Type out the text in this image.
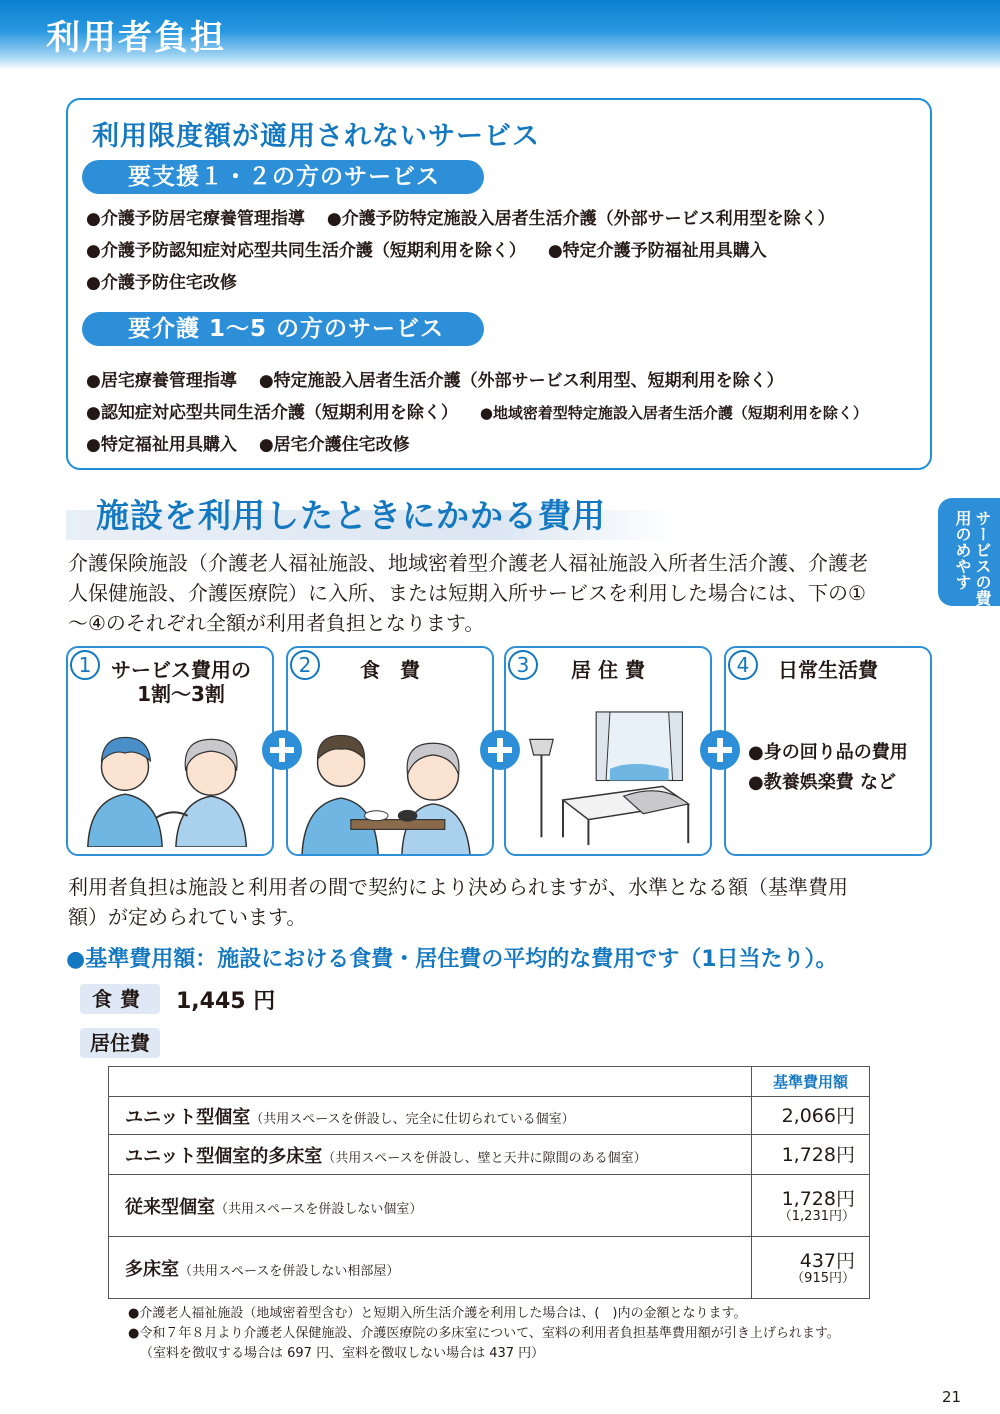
利用者負担
利用限度額が適用されないサービス
要支援１・２の方のサービス
●介護予防居宅療養管理指導 ●介護予防特定施設入居者生活介護（外部サービス利用型を除く）
●介護予防認知症対応型共同生活介護（短期利用を除く） ●特定介護予防福祉用具購入
●介護予防住宅改修
要介護 1〜5 の方のサービス
●居宅療養管理指導 ●特定施設入居者生活介護（外部サービス利用型、短期利用を除く）
●認知症対応型共同生活介護（短期利用を除く） ●地域密着型特定施設入居者生活介護（短期利用を除く）
●特定福祉用具購入 ●居宅介護住宅改修
施設を利用したときにかかる費用	サービスの費用のめやす
介護保険施設（介護老人福祉施設、地域密着型介護老人福祉施設入所者生活介護、介護老
人保健施設、介護医療院）に入所、または短期入所サービスを利用した場合には、下の①
〜④のそれぞれ全額が利用者負担となります。
1 サービス費用の
1割〜3割
2	食　費	3	居 住 費	4	日常生活費
●身の回り品の費用
●教養娯楽費 など
利用者負担は施設と利用者の間で契約により決められますが、水準となる額（基準費用
額）が定められています。
●基準費用額：施設における食費・居住費の平均的な費用です（1日当たり）。
食費	1,445 円
居住費
	基準費用額
ユニット型個室（共用スペースを併設し、完全に仕切られている個室）	2,066円
ユニット型個室的多床室（共用スペースを併設し、壁と天井に隙間のある個室）	1,728円
従来型個室（共用スペースを併設しない個室）	1,728円
（1,231円）

多床室（共用スペースを併設しない相部屋）	437円
（915円）
●介護老人福祉施設（地域密着型含む）と短期入所生活介護を利用した場合は、(　)内の金額となります。
●令和７年８月より介護老人保健施設、介護医療院の多床室について、室料の利用者負担基準費用額が引き上げられます。
（室料を徴収する場合は 697 円、室料を徴収しない場合は 437 円）
21
